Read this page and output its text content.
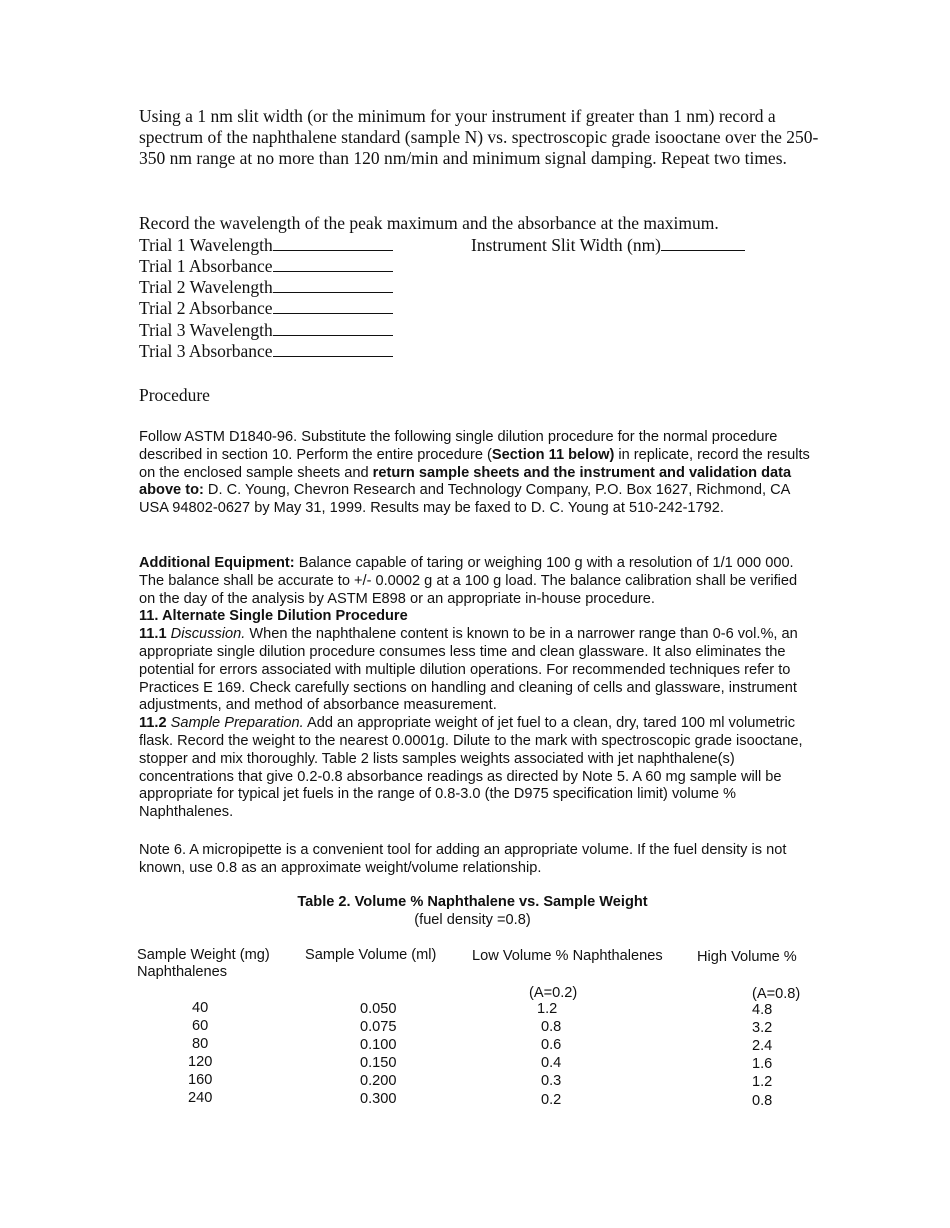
Using a 1 nm slit width (or the minimum for your instrument if greater than 1 nm) record a spectrum of the naphthalene standard (sample N) vs. spectroscopic grade isooctane over the 250-350 nm range at no more than 120 nm/min and minimum signal damping. Repeat two times.

Record the wavelength of the peak maximum and the absorbance at the maximum.
Trial 1 Wavelength
Trial 1 Absorbance
Trial 2 Wavelength
Trial 2 Absorbance
Trial 3 Wavelength
Trial 3 Absorbance
Instrument Slit Width (nm)
Procedure

Follow ASTM D1840-96. Substitute the following single dilution procedure for the normal procedure described in section 10. Perform the entire procedure (Section 11 below) in replicate, record the results on the enclosed sample sheets and return sample sheets and the instrument and validation data above to: D. C. Young, Chevron Research and Technology Company, P.O. Box 1627, Richmond, CA USA 94802-0627 by May 31, 1999. Results may be faxed to D. C. Young at 510-242-1792.

Additional Equipment: Balance capable of taring or weighing 100 g with a resolution of 1/1 000 000. The balance shall be accurate to +/- 0.0002 g at a 100 g load. The balance calibration shall be verified on the day of the analysis by ASTM E898 or an appropriate in-house procedure.

11. Alternate Single Dilution Procedure

11.1 Discussion. When the naphthalene content is known to be in a narrower range than 0-6 vol.%, an appropriate single dilution procedure consumes less time and clean glassware. It also eliminates the potential for errors associated with multiple dilution operations. For recommended techniques refer to Practices E 169. Check carefully sections on handling and cleaning of cells and glassware, instrument adjustments, and method of absorbance measurement.

11.2 Sample Preparation. Add an appropriate weight of jet fuel to a clean, dry, tared 100 ml volumetric flask. Record the weight to the nearest 0.0001g. Dilute to the mark with spectroscopic grade isooctane, stopper and mix thoroughly. Table 2 lists samples weights associated with jet naphthalene(s) concentrations that give 0.2-0.8 absorbance readings as directed by Note 5. A 60 mg sample will be appropriate for typical jet fuels in the range of 0.8-3.0 (the D975 specification limit) volume % Naphthalenes.

Note 6. A micropipette is a convenient tool for adding an appropriate volume. If the fuel density is not known, use 0.8 as an approximate weight/volume relationship.

Table 2. Volume % Naphthalene vs. Sample Weight
(fuel density =0.8)
Sample Weight (mg) Sample Volume (ml) Low Volume % Naphthalenes High Volume %
Naphthalenes
(A=0.2)	(A=0.8)
40	0.050	1.2	4.8
60	0.075	0.8	3.2
80	0.100	0.6	2.4
120	0.150	0.4	1.6
160	0.200	0.3	1.2
240	0.300	0.2	0.8
